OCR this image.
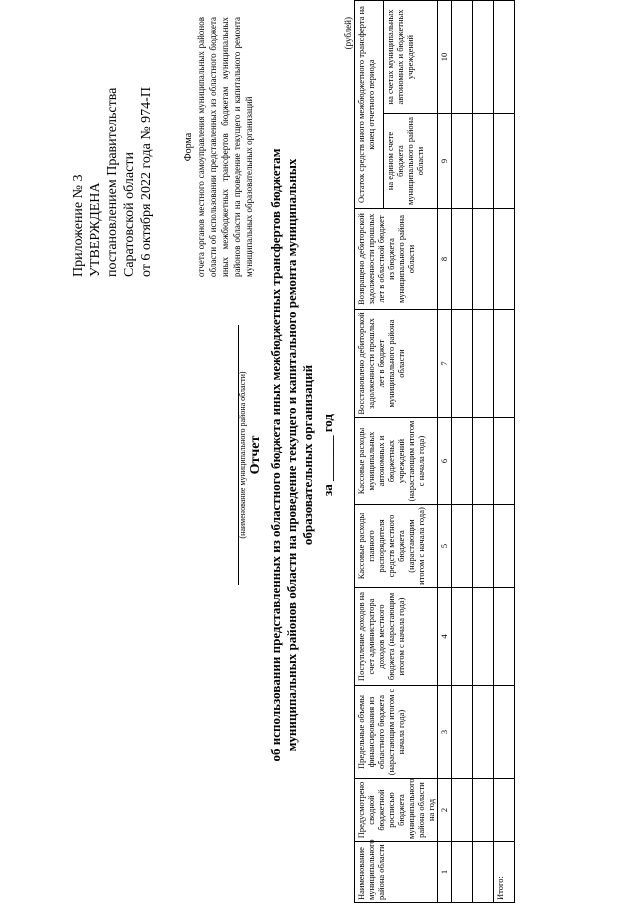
Приложение № 3 УТВЕРЖДЕНА постановлением Правительства Саратовской области от 6 октября 2022 года № 974-П	Форма отчета органов местного самоуправления муниципальных районов области об использовании представленных из областного бюджета иных межбюджетных трансфертов бюджетам муниципальных районов области на проведение текущего и капитального ремонта муниципальных образовательных организаций
(наименование муниципального района области) Отчет об использовании представленных из областного бюджета иных межбюджетных трансфертов бюджетам муниципальных районов области на проведение текущего и капитального ремонта муниципальных образовательных организаций за _______ год
(рублей)
Наименование муниципального района области	Предусмотрено сводной бюджетной росписью бюджета муниципального района области на год	Предельные объемы финансирования из областного бюджета (нарастающим итогом с начала года)	Поступление доходов на счет администратора доходов местного бюджета (нарастающим итогом с начала года)	Кассовые расходы главного распорядителя средств местного бюджета (нарастающим итогом с начала года)	Кассовые расходы муниципальных автономных и бюджетных учреждений (нарастающим итогом с начала года)	Восстановлено дебиторской задолженности прошлых лет в бюджет муниципального района области	Возвращено дебиторской задолженности прошлых лет в областной бюджет из бюджета муниципального района области	Остаток средств иного межбюджетного трансферта на конец отчетного периода	
								на едином счете бюджета муниципального района области	на счетах муниципальных автономных и бюджетных учреждений
1	2	3	4	5	6	7	8	9	10

Итого:									
